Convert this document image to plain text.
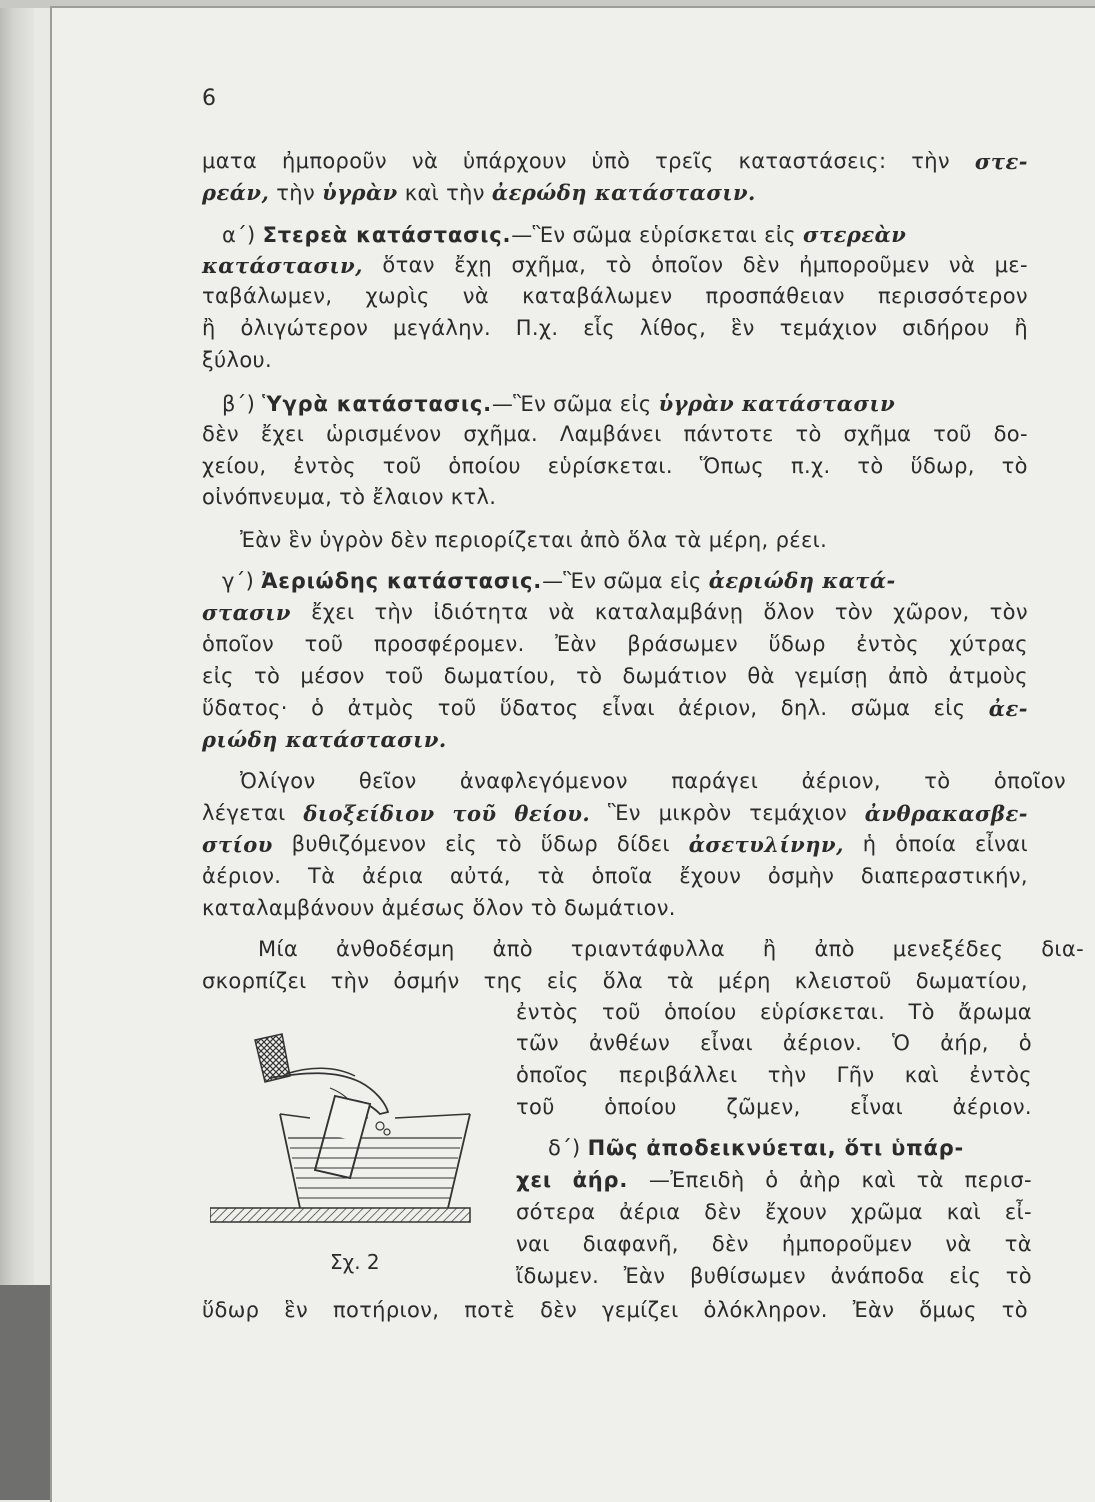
6
ματα ἠμποροῦν νὰ ὑπάρχουν ὑπὸ τρεῖς καταστάσεις: τὴν στε-
ρεάν, τὴν ὑγρὰν καὶ τὴν ἀερώδη κατάστασιν.
α΄) Στερεὰ κατάστασις.—Ἓν σῶμα εὑρίσκεται εἰς στερεὰν
κατάστασιν, ὅταν ἔχῃ σχῆμα, τὸ ὁποῖον δὲν ἠμποροῦμεν νὰ με-
ταβάλωμεν, χωρὶς νὰ καταβάλωμεν προσπάθειαν περισσότερον
ἢ ὀλιγώτερον μεγάλην. Π.χ. εἷς λίθος, ἓν τεμάχιον σιδήρου ἢ
ξύλου.
β΄) Ὑγρὰ κατάστασις.—Ἓν σῶμα εἰς ὑγρὰν κατάστασιν
δὲν ἔχει ὡρισμένον σχῆμα. Λαμβάνει πάντοτε τὸ σχῆμα τοῦ δο-
χείου, ἐντὸς τοῦ ὁποίου εὑρίσκεται. Ὅπως π.χ. τὸ ὕδωρ, τὸ
οἰνόπνευμα, τὸ ἔλαιον κτλ.
Ἐὰν ἓν ὑγρὸν δὲν περιορίζεται ἀπὸ ὅλα τὰ μέρη, ρέει.
γ΄) Ἀεριώδης κατάστασις.—Ἓν σῶμα εἰς ἀεριώδη κατά-
στασιν ἔχει τὴν ἰδιότητα νὰ καταλαμβάνῃ ὅλον τὸν χῶρον, τὸν
ὁποῖον τοῦ προσφέρομεν. Ἐὰν βράσωμεν ὕδωρ ἐντὸς χύτρας
εἰς τὸ μέσον τοῦ δωματίου, τὸ δωμάτιον θὰ γεμίσῃ ἀπὸ ἀτμοὺς
ὕδατος· ὁ ἀτμὸς τοῦ ὕδατος εἶναι ἀέριον, δηλ. σῶμα εἰς ἀε-
ριώδη κατάστασιν.
Ὀλίγον θεῖον ἀναφλεγόμενον παράγει ἀέριον, τὸ ὁποῖον
λέγεται διοξείδιον τοῦ θείου. Ἓν μικρὸν τεμάχιον ἀνθρακασβε-
στίου βυθιζόμενον εἰς τὸ ὕδωρ δίδει ἀσετυλίνην, ἡ ὁποία εἶναι
ἀέριον. Τὰ ἀέρια αὐτά, τὰ ὁποῖα ἔχουν ὀσμὴν διαπεραστικήν,
καταλαμβάνουν ἀμέσως ὅλον τὸ δωμάτιον.
Μία ἀνθοδέσμη ἀπὸ τριαντάφυλλα ἢ ἀπὸ μενεξέδες δια-
σκορπίζει τὴν ὀσμήν της εἰς ὅλα τὰ μέρη κλειστοῦ δωματίου,
ἐντὸς τοῦ ὁποίου εὑρίσκεται. Τὸ ἄρωμα
τῶν ἀνθέων εἶναι ἀέριον. Ὁ ἀήρ, ὁ
ὁποῖος περιβάλλει τὴν Γῆν καὶ ἐντὸς
τοῦ ὁποίου ζῶμεν, εἶναι ἀέριον.
δ΄) Πῶς ἀποδεικνύεται, ὅτι ὑπάρ-
χει ἀήρ. —Ἐπειδὴ ὁ ἀὴρ καὶ τὰ περισ-
σότερα ἀέρια δὲν ἔχουν χρῶμα καὶ εἶ-
ναι διαφανῆ, δὲν ἠμποροῦμεν νὰ τὰ
ἴδωμεν. Ἐὰν βυθίσωμεν ἀνάποδα εἰς τὸ
ὕδωρ ἓν ποτήριον, ποτὲ δὲν γεμίζει ὁλόκληρον. Ἐὰν ὅμως τὸ
Σχ. 2
